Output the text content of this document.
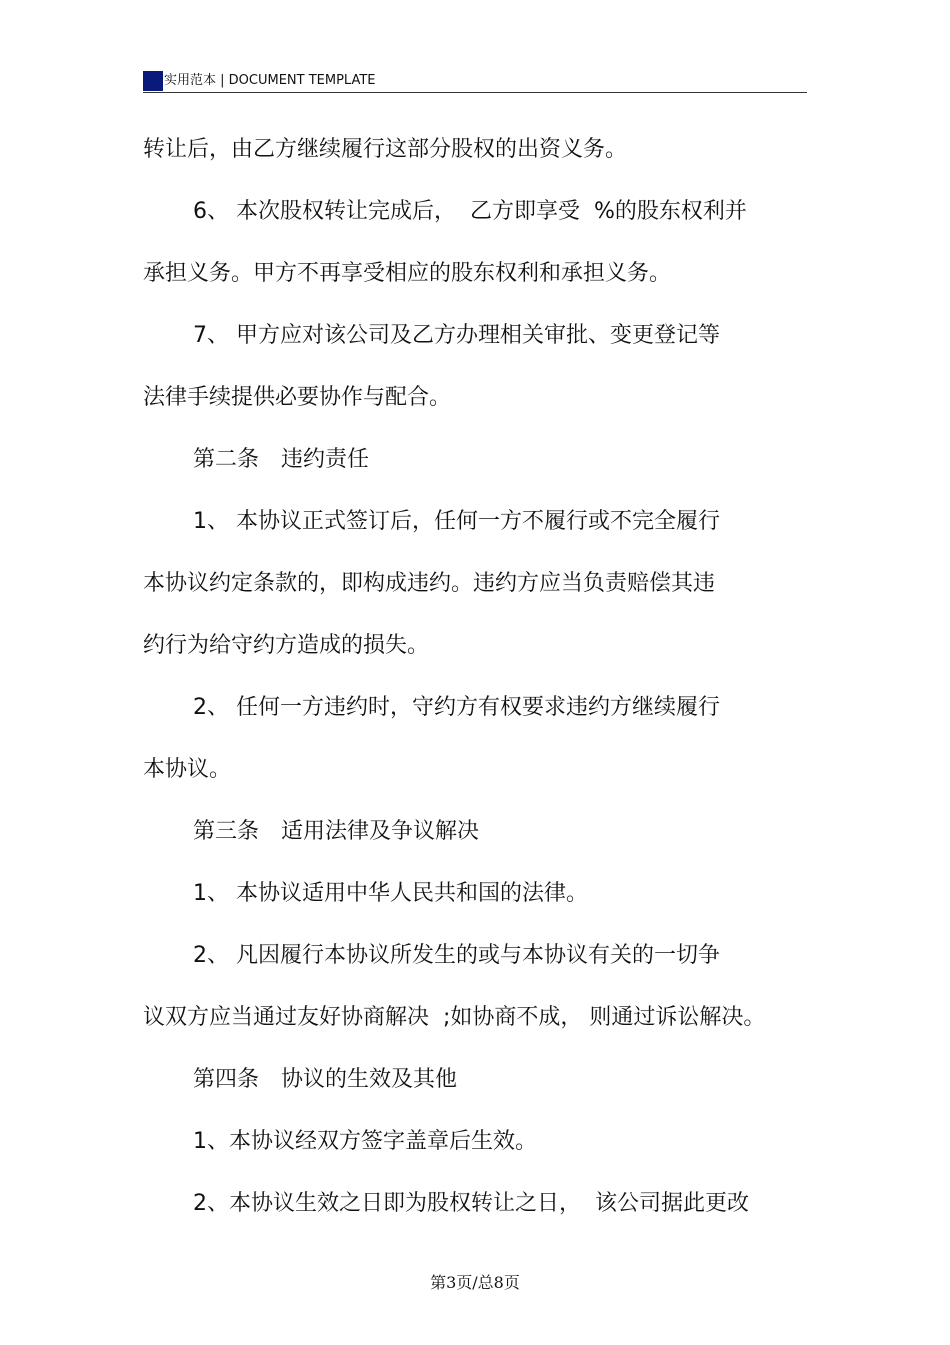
实用范本 | DOCUMENT TEMPLATE
转让后，由乙方继续履行这部分股权的出资义务。
6、 本次股权转让完成后，  乙方即享受  %的股东权利并
承担义务。甲方不再享受相应的股东权利和承担义务。
7、 甲方应对该公司及乙方办理相关审批、变更登记等
法律手续提供必要协作与配合。
第二条　违约责任
1、 本协议正式签订后，任何一方不履行或不完全履行
本协议约定条款的，即构成违约。违约方应当负责赔偿其违
约行为给守约方造成的损失。
2、 任何一方违约时，守约方有权要求违约方继续履行
本协议。
第三条　适用法律及争议解决
1、 本协议适用中华人民共和国的法律。
2、 凡因履行本协议所发生的或与本协议有关的一切争
议双方应当通过友好协商解决  ;如协商不成， 则通过诉讼解决。
第四条　协议的生效及其他
1、本协议经双方签字盖章后生效。
2、本协议生效之日即为股权转让之日，  该公司据此更改
第3页/总8页
